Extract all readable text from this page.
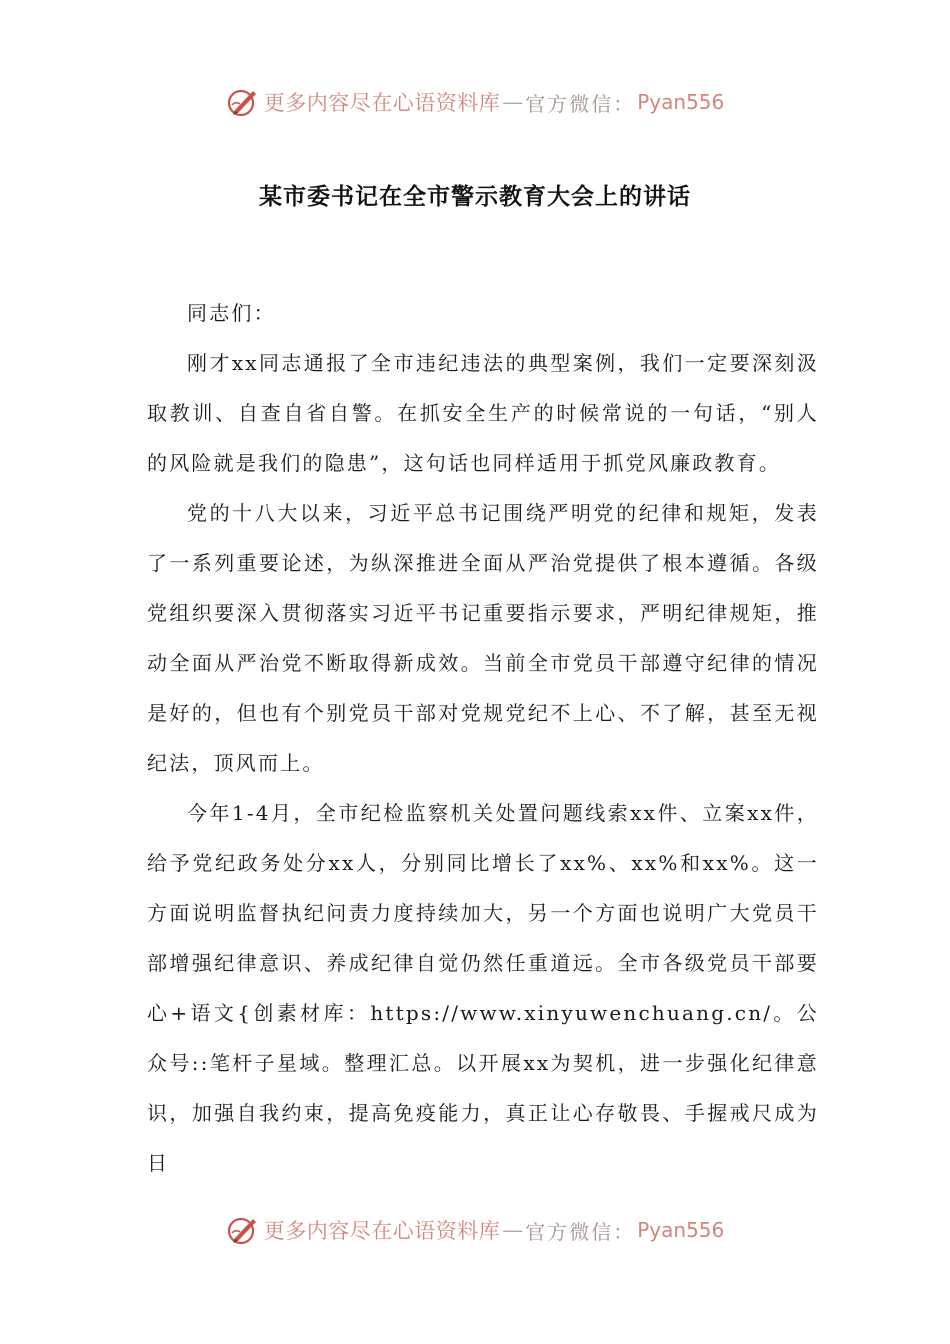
更多内容尽在心语资料库 — 官方微信： Pyan556
某市委书记在全市警示教育大会上的讲话

同志们：

刚才xx同志通报了全市违纪违法的典型案例，我们一定要深刻汲取教训、自查自省自警。在抓安全生产的时候常说的一句话，“别人的风险就是我们的隐患”，这句话也同样适用于抓党风廉政教育。

党的十八大以来，习近平总书记围绕严明党的纪律和规矩，发表了一系列重要论述，为纵深推进全面从严治党提供了根本遵循。各级党组织要深入贯彻落实习近平书记重要指示要求，严明纪律规矩，推动全面从严治党不断取得新成效。当前全市党员干部遵守纪律的情况是好的，但也有个别党员干部对党规党纪不上心、不了解，甚至无视纪法，顶风而上。

今年1-4月，全市纪检监察机关处置问题线索xx件、立案xx件，给予党纪政务处分xx人，分别同比增长了xx%、xx%和xx%。这一方面说明监督执纪问责力度持续加大，另一个方面也说明广大党员干部增强纪律意识、养成纪律自觉仍然任重道远。全市各级党员干部要心+语文{创素材库：https://www.xinyuwenchuang.cn/。公众号::笔杆子星域。整理汇总。以开展xx为契机，进一步强化纪律意识，加强自我约束，提高免疫能力，真正让心存敬畏、手握戒尺成为日

更多内容尽在心语资料库 — 官方微信： Pyan556
